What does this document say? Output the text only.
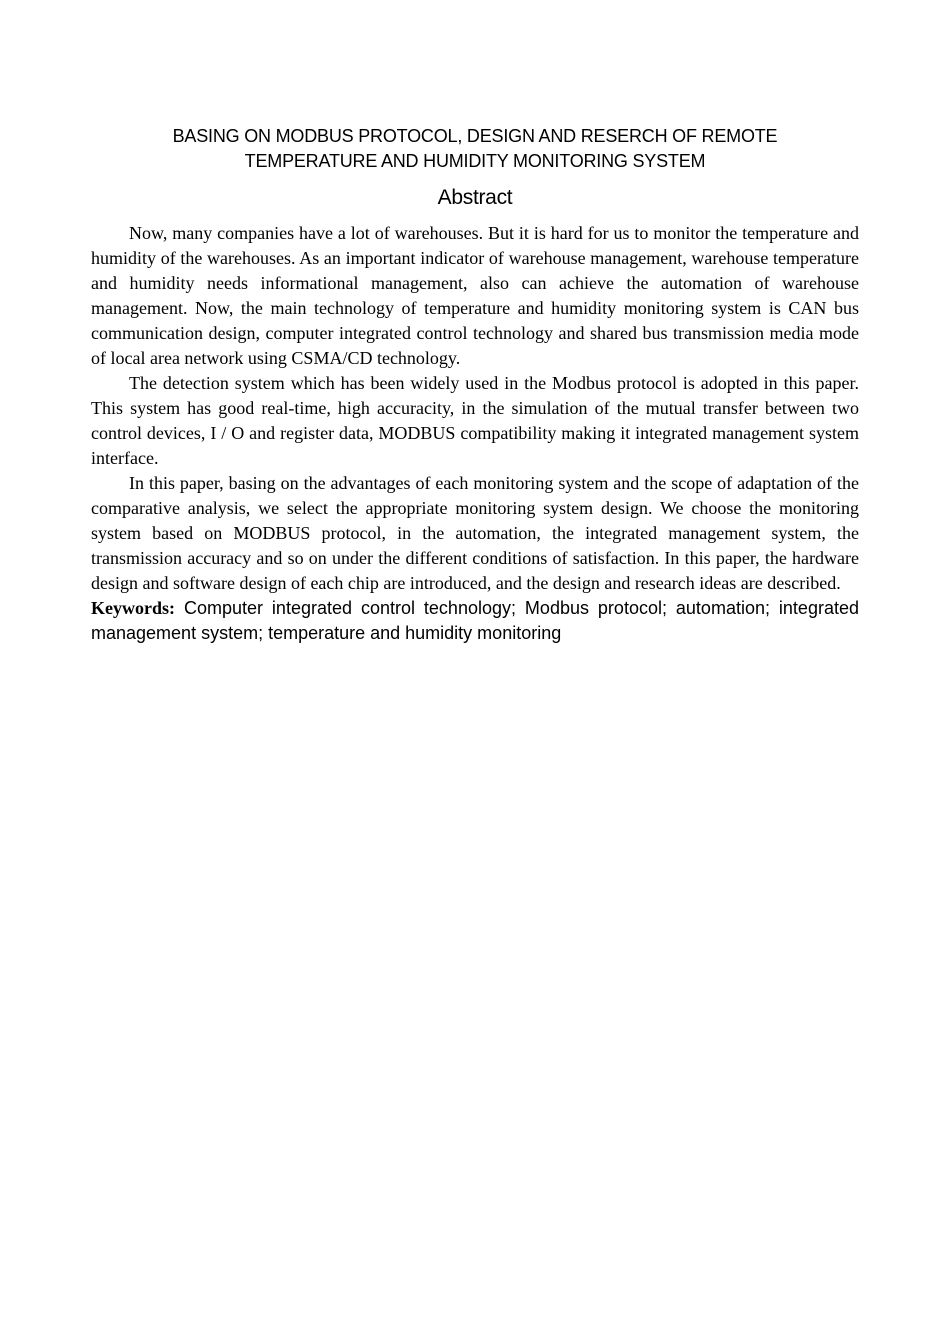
BASING ON MODBUS PROTOCOL, DESIGN AND RESERCH OF REMOTE
TEMPERATURE AND HUMIDITY MONITORING SYSTEM
Abstract

Now, many companies have a lot of warehouses. But it is hard for us to monitor the temperature and humidity of the warehouses. As an important indicator of warehouse management, warehouse temperature and humidity needs informational management, also can achieve the automation of warehouse management. Now, the main technology of temperature and humidity monitoring system is CAN bus communication design, computer integrated control technology and shared bus transmission media mode of local area network using CSMA/CD technology.

The detection system which has been widely used in the Modbus protocol is adopted in this paper. This system has good real-time, high accuracity, in the simulation of the mutual transfer between two control devices, I / O and register data, MODBUS compatibility making it integrated management system interface.

In this paper, basing on the advantages of each monitoring system and the scope of adaptation of the comparative analysis, we select the appropriate monitoring system design. We choose the monitoring system based on MODBUS protocol, in the automation, the integrated management system, the transmission accuracy and so on under the different conditions of satisfaction. In this paper, the hardware design and software design of each chip are introduced, and the design and research ideas are described.

Keywords: Computer integrated control technology; Modbus protocol; automation; integrated management system; temperature and humidity monitoring
